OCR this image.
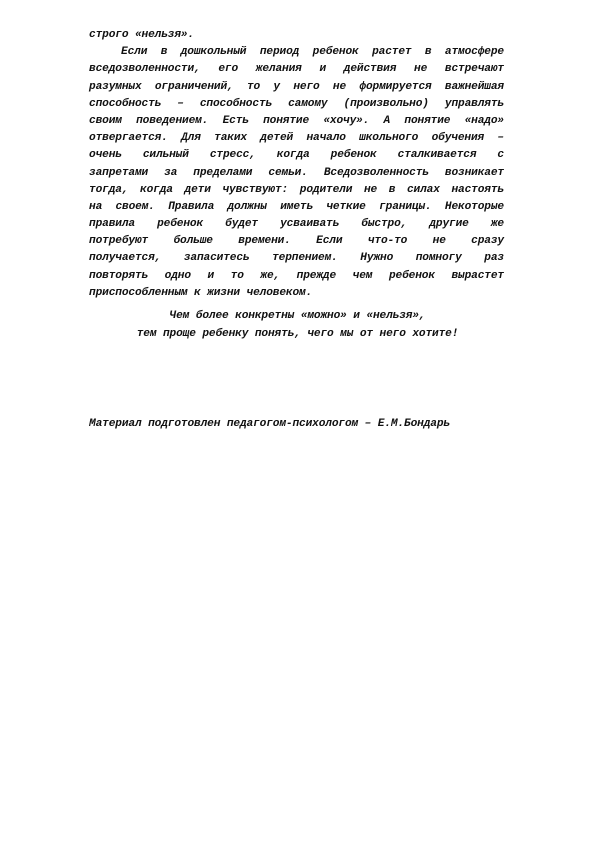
строго «нельзя».
Если в дошкольный период ребенок растет в атмосфере
вседозволенности, его желания и действия не встречают
разумных ограничений, то у него не формируется важнейшая
способность – способность самому (произвольно) управлять
своим поведением. Есть понятие «хочу». А понятие «надо»
отвергается. Для таких детей начало школьного обучения –
очень сильный стресс, когда ребенок сталкивается с
запретами за пределами семьи. Вседозволенность возникает
тогда, когда дети чувствуют: родители не в силах настоять
на своем. Правила должны иметь четкие границы. Некоторые
правила ребенок будет усваивать быстро, другие же
потребуют больше времени. Если что-то не сразу
получается, запаситесь терпением. Нужно помногу раз
повторять одно и то же, прежде чем ребенок вырастет
приспособленным к жизни человеком.
Чем более конкретны «можно» и «нельзя»,
тем проще ребенку понять, чего мы от него хотите!
Материал подготовлен педагогом-психологом – Е.М.Бондарь
